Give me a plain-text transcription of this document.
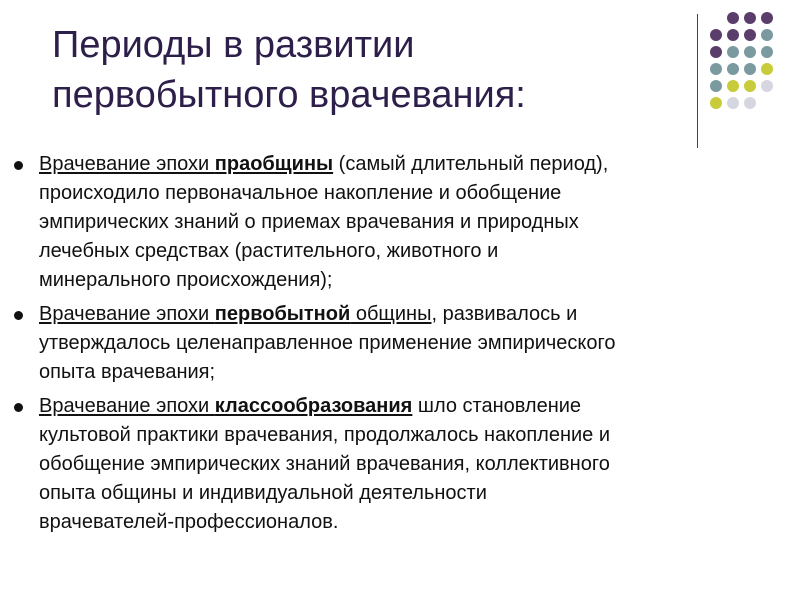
Периоды в развитии
первобытного врачевания:
Врачевание эпохи праобщины (самый длительный период),
происходило первоначальное накопление и обобщение
эмпирических знаний о приемах врачевания и природных
лечебных средствах (растительного, животного и
минерального происхождения);
Врачевание эпохи первобытной общины, развивалось и
утверждалось целенаправленное применение эмпирического
опыта врачевания;
Врачевание эпохи классообразования шло становление
культовой практики врачевания, продолжалось накопление и
обобщение эмпирических знаний врачевания, коллективного
опыта общины и индивидуальной деятельности
врачевателей-профессионалов.
